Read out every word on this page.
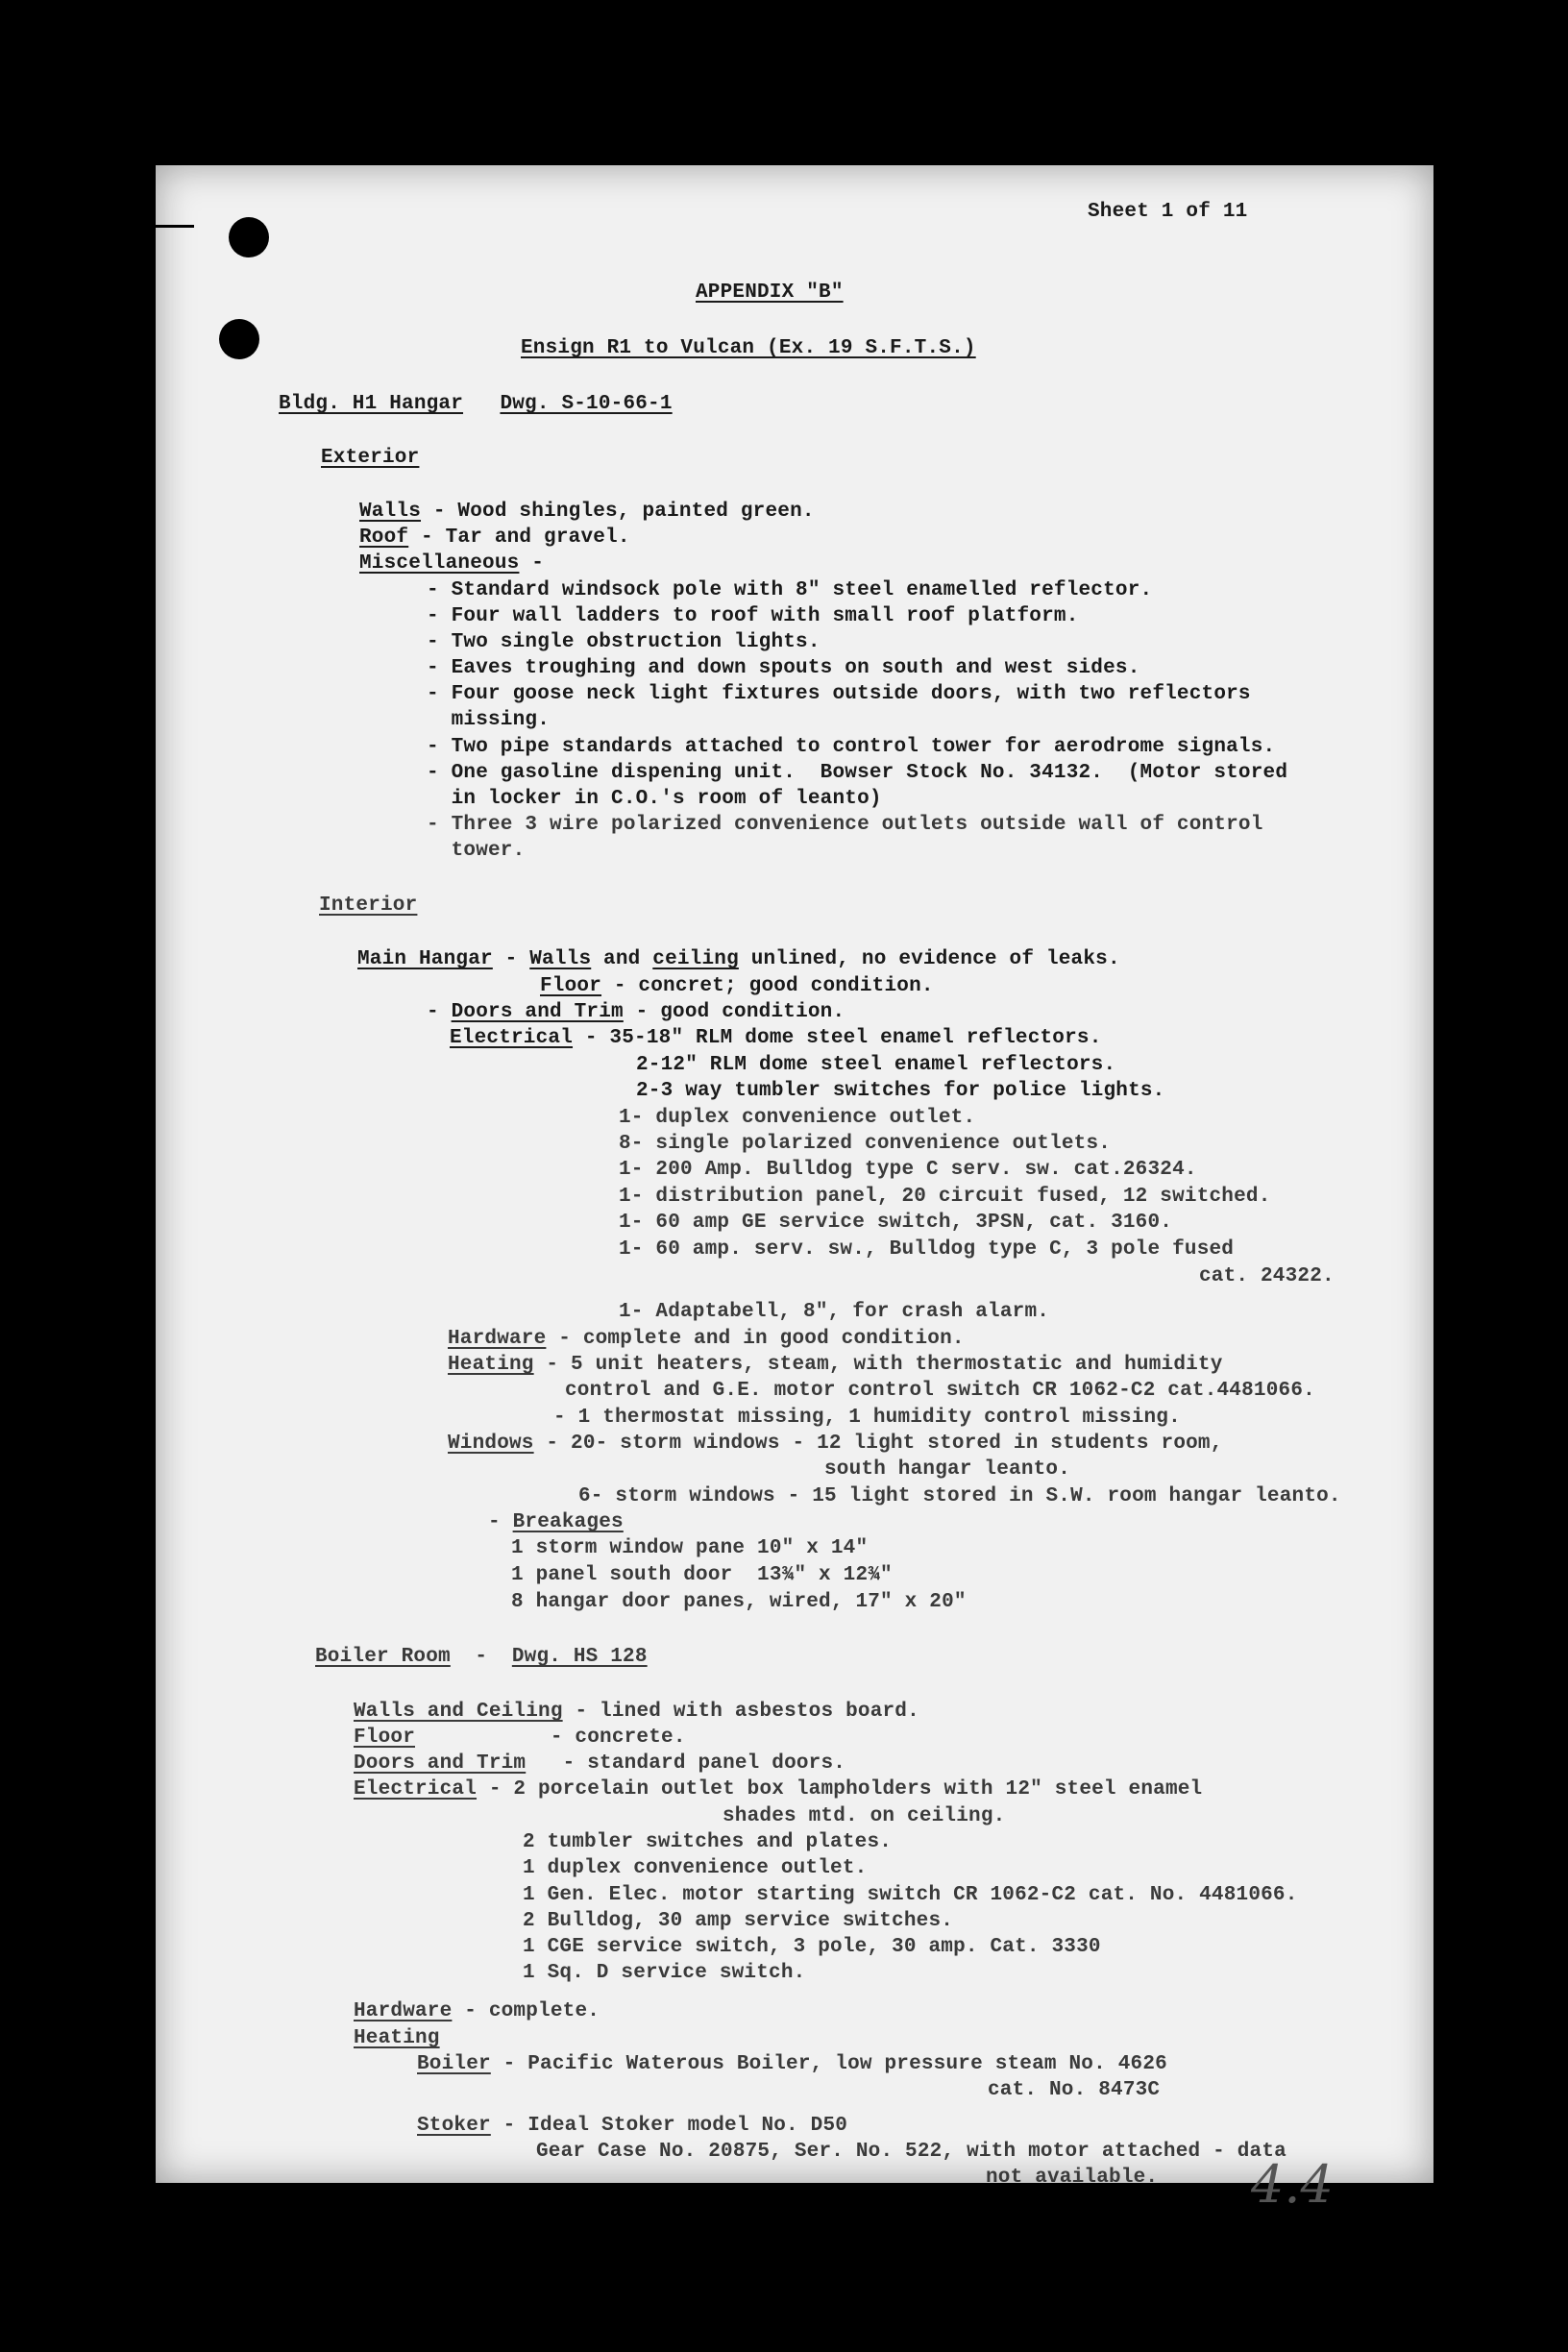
Sheet 1 of 11
APPENDIX "B"
Ensign R1 to Vulcan (Ex. 19 S.F.T.S.)
Bldg. H1 Hangar Dwg. S-10-66-1
Exterior
Walls - Wood shingles, painted green.
Roof - Tar and gravel.
Miscellaneous -
- Standard windsock pole with 8" steel enamelled reflector.
- Four wall ladders to roof with small roof platform.
- Two single obstruction lights.
- Eaves troughing and down spouts on south and west sides.
- Four goose neck light fixtures outside doors, with two reflectors
missing.
- Two pipe standards attached to control tower for aerodrome signals.
- One gasoline dispening unit.  Bowser Stock No. 34132.  (Motor stored
in locker in C.O.'s room of leanto)
- Three 3 wire polarized convenience outlets outside wall of control
tower.
Interior
Main Hangar - Walls and ceiling unlined, no evidence of leaks.
Floor - concret; good condition.
- Doors and Trim - good condition.
Electrical - 35-18" RLM dome steel enamel reflectors.
2-12" RLM dome steel enamel reflectors.
2-3 way tumbler switches for police lights.
1- duplex convenience outlet.
8- single polarized convenience outlets.
1- 200 Amp. Bulldog type C serv. sw. cat.26324.
1- distribution panel, 20 circuit fused, 12 switched.
1- 60 amp GE service switch, 3PSN, cat. 3160.
1- 60 amp. serv. sw., Bulldog type C, 3 pole fused
cat. 24322.
1- Adaptabell, 8", for crash alarm.
Hardware - complete and in good condition.
Heating - 5 unit heaters, steam, with thermostatic and humidity
control and G.E. motor control switch CR 1062-C2 cat.4481066.
- 1 thermostat missing, 1 humidity control missing.
Windows - 20- storm windows - 12 light stored in students room,
south hangar leanto.
6- storm windows - 15 light stored in S.W. room hangar leanto.
- Breakages
1 storm window pane 10" x 14"
1 panel south door  13¾" x 12¾"
8 hangar door panes, wired, 17" x 20"
Boiler Room  -  Dwg. HS 128
Walls and Ceiling - lined with asbestos board.
Floor	- concrete.
Doors and Trim   - standard panel doors.
Electrical - 2 porcelain outlet box lampholders with 12" steel enamel
shades mtd. on ceiling.
2 tumbler switches and plates.
1 duplex convenience outlet.
1 Gen. Elec. motor starting switch CR 1062-C2 cat. No. 4481066.
2 Bulldog, 30 amp service switches.
1 CGE service switch, 3 pole, 30 amp. Cat. 3330
1 Sq. D service switch.
Hardware - complete.
Heating
Boiler - Pacific Waterous Boiler, low pressure steam No. 4626
cat. No. 8473C
Stoker - Ideal Stoker model No. D50
Gear Case No. 20875, Ser. No. 522, with motor attached - data
not available. 4.4
